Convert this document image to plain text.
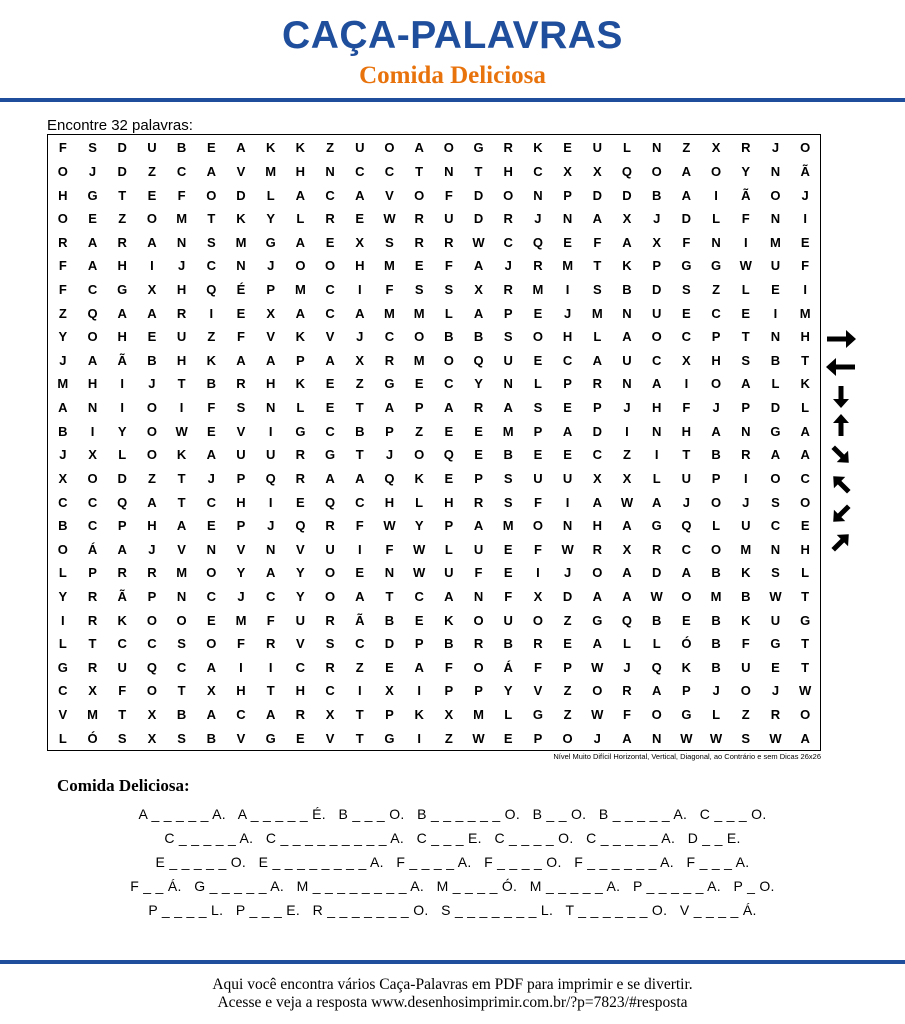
CAÇA-PALAVRAS
Comida Deliciosa
Encontre 32 palavras:
F	S	D	U	B	E	A	K	K	Z	U	O	A	O	G	R	K	E	U	L	N	Z	X	R	J	O
O	J	D	Z	C	A	V	M	H	N	C	C	T	N	T	H	C	X	X	Q	O	A	O	Y	N	Ã
H	G	T	E	F	O	D	L	A	C	A	V	O	F	D	O	N	P	D	D	B	A	I	Ã	O	J
O	E	Z	O	M	T	K	Y	L	R	E	W	R	U	D	R	J	N	A	X	J	D	L	F	N	I
R	A	R	A	N	S	M	G	A	E	X	S	R	R	W	C	Q	E	F	A	X	F	N	I	M	E
F	A	H	I	J	C	N	J	O	O	H	M	E	F	A	J	R	M	T	K	P	G	G	W	U	F
F	C	G	X	H	Q	É	P	M	C	I	F	S	S	X	R	M	I	S	B	D	S	Z	L	E	I
Z	Q	A	A	R	I	E	X	A	C	A	M	M	L	A	P	E	J	M	N	U	E	C	E	I	M
Y	O	H	E	U	Z	F	V	K	V	J	C	O	B	B	S	O	H	L	A	O	C	P	T	N	H
J	A	Ã	B	H	K	A	A	P	A	X	R	M	O	Q	U	E	C	A	U	C	X	H	S	B	T
M	H	I	J	T	B	R	H	K	E	Z	G	E	C	Y	N	L	P	R	N	A	I	O	A	L	K
A	N	I	O	I	F	S	N	L	E	T	A	P	A	R	A	S	E	P	J	H	F	J	P	D	L
B	I	Y	O	W	E	V	I	G	C	B	P	Z	E	E	M	P	A	D	I	N	H	A	N	G	A
J	X	L	O	K	A	U	U	R	G	T	J	O	Q	E	B	E	E	C	Z	I	T	B	R	A	A
X	O	D	Z	T	J	P	Q	R	A	A	Q	K	E	P	S	U	U	X	X	L	U	P	I	O	C
C	C	Q	A	T	C	H	I	E	Q	C	H	L	H	R	S	F	I	A	W	A	J	O	J	S	O
B	C	P	H	A	E	P	J	Q	R	F	W	Y	P	A	M	O	N	H	A	G	Q	L	U	C	E
O	Á	A	J	V	N	V	N	V	U	I	F	W	L	U	E	F	W	R	X	R	C	O	M	N	H
L	P	R	R	M	O	Y	A	Y	O	E	N	W	U	F	E	I	J	O	A	D	A	B	K	S	L
Y	R	Ã	P	N	C	J	C	Y	O	A	T	C	A	N	F	X	D	A	A	W	O	M	B	W	T
I	R	K	O	O	E	M	F	U	R	Ã	B	E	K	O	U	O	Z	G	Q	B	E	B	K	U	G
L	T	C	C	S	O	F	R	V	S	C	D	P	B	R	B	R	E	A	L	L	Ó	B	F	G	T
G	R	U	Q	C	A	I	I	C	R	Z	E	A	F	O	Á	F	P	W	J	Q	K	B	U	E	T
C	X	F	O	T	X	H	T	H	C	I	X	I	P	P	Y	V	Z	O	R	A	P	J	O	J	W
V	M	T	X	B	A	C	A	R	X	T	P	K	X	M	L	G	Z	W	F	O	G	L	Z	R	O
L	Ó	S	X	S	B	V	G	E	V	T	G	I	Z	W	E	P	O	J	A	N	W	W	S	W	A
Nível Muito Difícil Horizontal, Vertical, Diagonal, ao Contrário e sem Dicas 26x26
Comida Deliciosa:
A _ _ _ _ _ A.   A _ _ _ _ _ É.   B _ _ _ O.   B _ _ _ _ _ _ O.   B _ _ O.   B _ _ _ _ _ A.   C _ _ _ O.
C _ _ _ _ _ A.   C _ _ _ _ _ _ _ _ _ A.   C _ _ _ E.   C _ _ _ _ O.   C _ _ _ _ _ A.   D _ _ E.
E _ _ _ _ _ O.   E _ _ _ _ _ _ _ _ A.   F _ _ _ _ A.   F _ _ _ _ O.   F _ _ _ _ _ _ A.   F _ _ _ A.
F _ _ Á.   G _ _ _ _ _ A.   M _ _ _ _ _ _ _ _ A.   M _ _ _ _ Ó.   M _ _ _ _ _ A.   P _ _ _ _ _ A.   P _ O.
P _ _ _ _ L.   P _ _ _ E.   R _ _ _ _ _ _ _ O.   S _ _ _ _ _ _ _ L.   T _ _ _ _ _ _ O.   V _ _ _ _ Á.
Aqui você encontra vários Caça-Palavras em PDF para imprimir e se divertir.
Acesse e veja a resposta www.desenhosimprimir.com.br/?p=7823/#resposta
